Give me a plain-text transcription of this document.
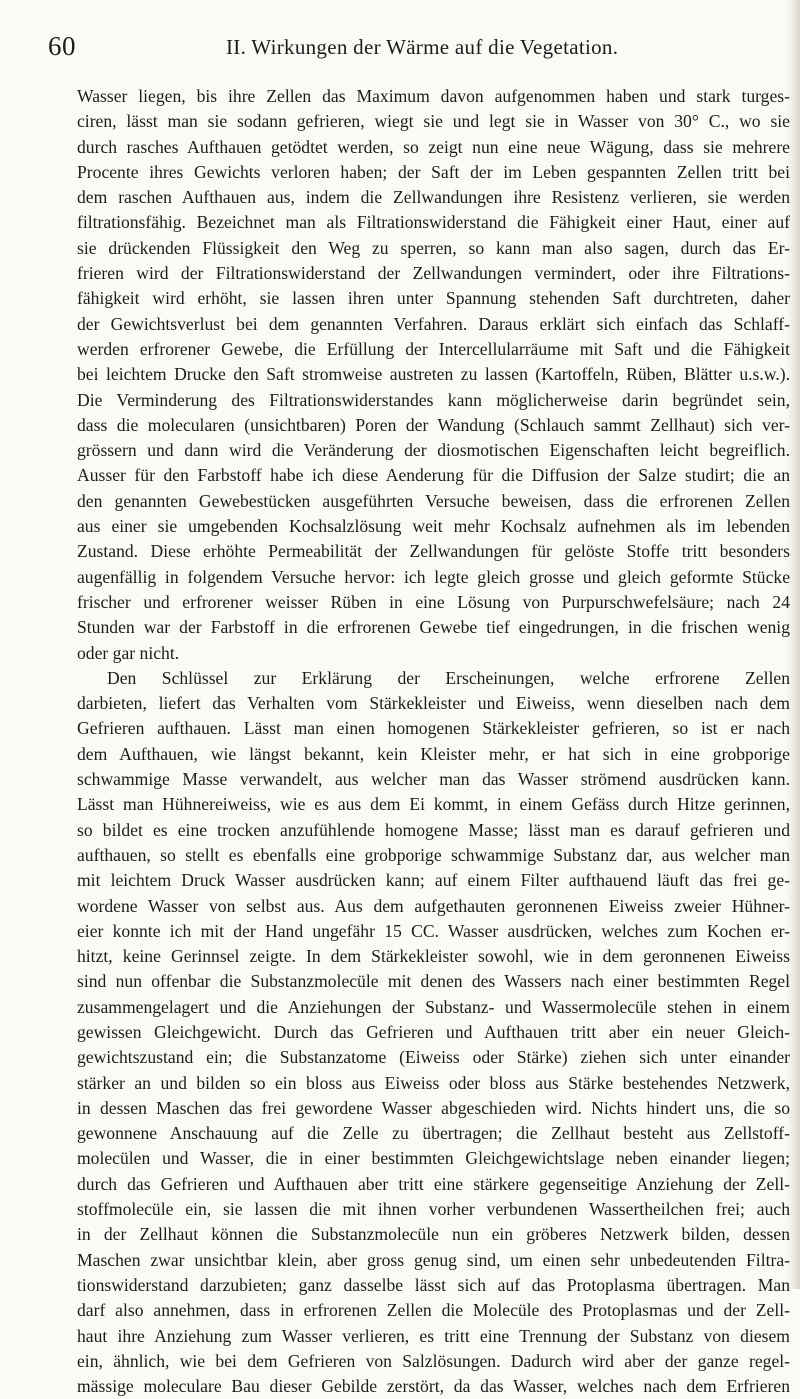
60	II. Wirkungen der Wärme auf die Vegetation.
Wasser liegen, bis ihre Zellen das Maximum davon aufgenommen haben und stark turges-
ciren, lässt man sie sodann gefrieren, wiegt sie und legt sie in Wasser von 30° C., wo sie
durch rasches Aufthauen getödtet werden, so zeigt nun eine neue Wägung, dass sie mehrere
Procente ihres Gewichts verloren haben; der Saft der im Leben gespannten Zellen tritt bei
dem raschen Aufthauen aus, indem die Zellwandungen ihre Resistenz verlieren, sie werden
filtrationsfähig. Bezeichnet man als Filtrationswiderstand die Fähigkeit einer Haut, einer auf
sie drückenden Flüssigkeit den Weg zu sperren, so kann man also sagen, durch das Er-
frieren wird der Filtrationswiderstand der Zellwandungen vermindert, oder ihre Filtrations-
fähigkeit wird erhöht, sie lassen ihren unter Spannung stehenden Saft durchtreten, daher
der Gewichtsverlust bei dem genannten Verfahren. Daraus erklärt sich einfach das Schlaff-
werden erfrorener Gewebe, die Erfüllung der Intercellularräume mit Saft und die Fähigkeit
bei leichtem Drucke den Saft stromweise austreten zu lassen (Kartoffeln, Rüben, Blätter u.s.w.).
Die Verminderung des Filtrationswiderstandes kann möglicherweise darin begründet sein,
dass die molecularen (unsichtbaren) Poren der Wandung (Schlauch sammt Zellhaut) sich ver-
grössern und dann wird die Veränderung der diosmotischen Eigenschaften leicht begreiflich.
Ausser für den Farbstoff habe ich diese Aenderung für die Diffusion der Salze studirt; die an
den genannten Gewebestücken ausgeführten Versuche beweisen, dass die erfrorenen Zellen
aus einer sie umgebenden Kochsalzlösung weit mehr Kochsalz aufnehmen als im lebenden
Zustand. Diese erhöhte Permeabilität der Zellwandungen für gelöste Stoffe tritt besonders
augenfällig in folgendem Versuche hervor: ich legte gleich grosse und gleich geformte Stücke
frischer und erfrorener weisser Rüben in eine Lösung von Purpurschwefelsäure; nach 24
Stunden war der Farbstoff in die erfrorenen Gewebe tief eingedrungen, in die frischen wenig
oder gar nicht.
Den Schlüssel zur Erklärung der Erscheinungen, welche erfrorene Zellen
darbieten, liefert das Verhalten vom Stärkekleister und Eiweiss, wenn dieselben nach dem
Gefrieren aufthauen. Lässt man einen homogenen Stärkekleister gefrieren, so ist er nach
dem Aufthauen, wie längst bekannt, kein Kleister mehr, er hat sich in eine grobporige
schwammige Masse verwandelt, aus welcher man das Wasser strömend ausdrücken kann.
Lässt man Hühnereiweiss, wie es aus dem Ei kommt, in einem Gefäss durch Hitze gerinnen,
so bildet es eine trocken anzufühlende homogene Masse; lässt man es darauf gefrieren und
aufthauen, so stellt es ebenfalls eine grobporige schwammige Substanz dar, aus welcher man
mit leichtem Druck Wasser ausdrücken kann; auf einem Filter aufthauend läuft das frei ge-
wordene Wasser von selbst aus. Aus dem aufgethauten geronnenen Eiweiss zweier Hühner-
eier konnte ich mit der Hand ungefähr 15 CC. Wasser ausdrücken, welches zum Kochen er-
hitzt, keine Gerinnsel zeigte. In dem Stärkekleister sowohl, wie in dem geronnenen Eiweiss
sind nun offenbar die Substanzmolecüle mit denen des Wassers nach einer bestimmten Regel
zusammengelagert und die Anziehungen der Substanz- und Wassermolecüle stehen in einem
gewissen Gleichgewicht. Durch das Gefrieren und Aufthauen tritt aber ein neuer Gleich-
gewichtszustand ein; die Substanzatome (Eiweiss oder Stärke) ziehen sich unter einander
stärker an und bilden so ein bloss aus Eiweiss oder bloss aus Stärke bestehendes Netzwerk,
in dessen Maschen das frei gewordene Wasser abgeschieden wird. Nichts hindert uns, die so
gewonnene Anschauung auf die Zelle zu übertragen; die Zellhaut besteht aus Zellstoff-
molecülen und Wasser, die in einer bestimmten Gleichgewichtslage neben einander liegen;
durch das Gefrieren und Aufthauen aber tritt eine stärkere gegenseitige Anziehung der Zell-
stoffmolecüle ein, sie lassen die mit ihnen vorher verbundenen Wassertheilchen frei; auch
in der Zellhaut können die Substanzmolecüle nun ein gröberes Netzwerk bilden, dessen
Maschen zwar unsichtbar klein, aber gross genug sind, um einen sehr unbedeutenden Filtra-
tionswiderstand darzubieten; ganz dasselbe lässt sich auf das Protoplasma übertragen. Man
darf also annehmen, dass in erfrorenen Zellen die Molecüle des Protoplasmas und der Zell-
haut ihre Anziehung zum Wasser verlieren, es tritt eine Trennung der Substanz von diesem
ein, ähnlich, wie bei dem Gefrieren von Salzlösungen. Dadurch wird aber der ganze regel-
mässige moleculare Bau dieser Gebilde zerstört, da das Wasser, welches nach dem Erfrieren
